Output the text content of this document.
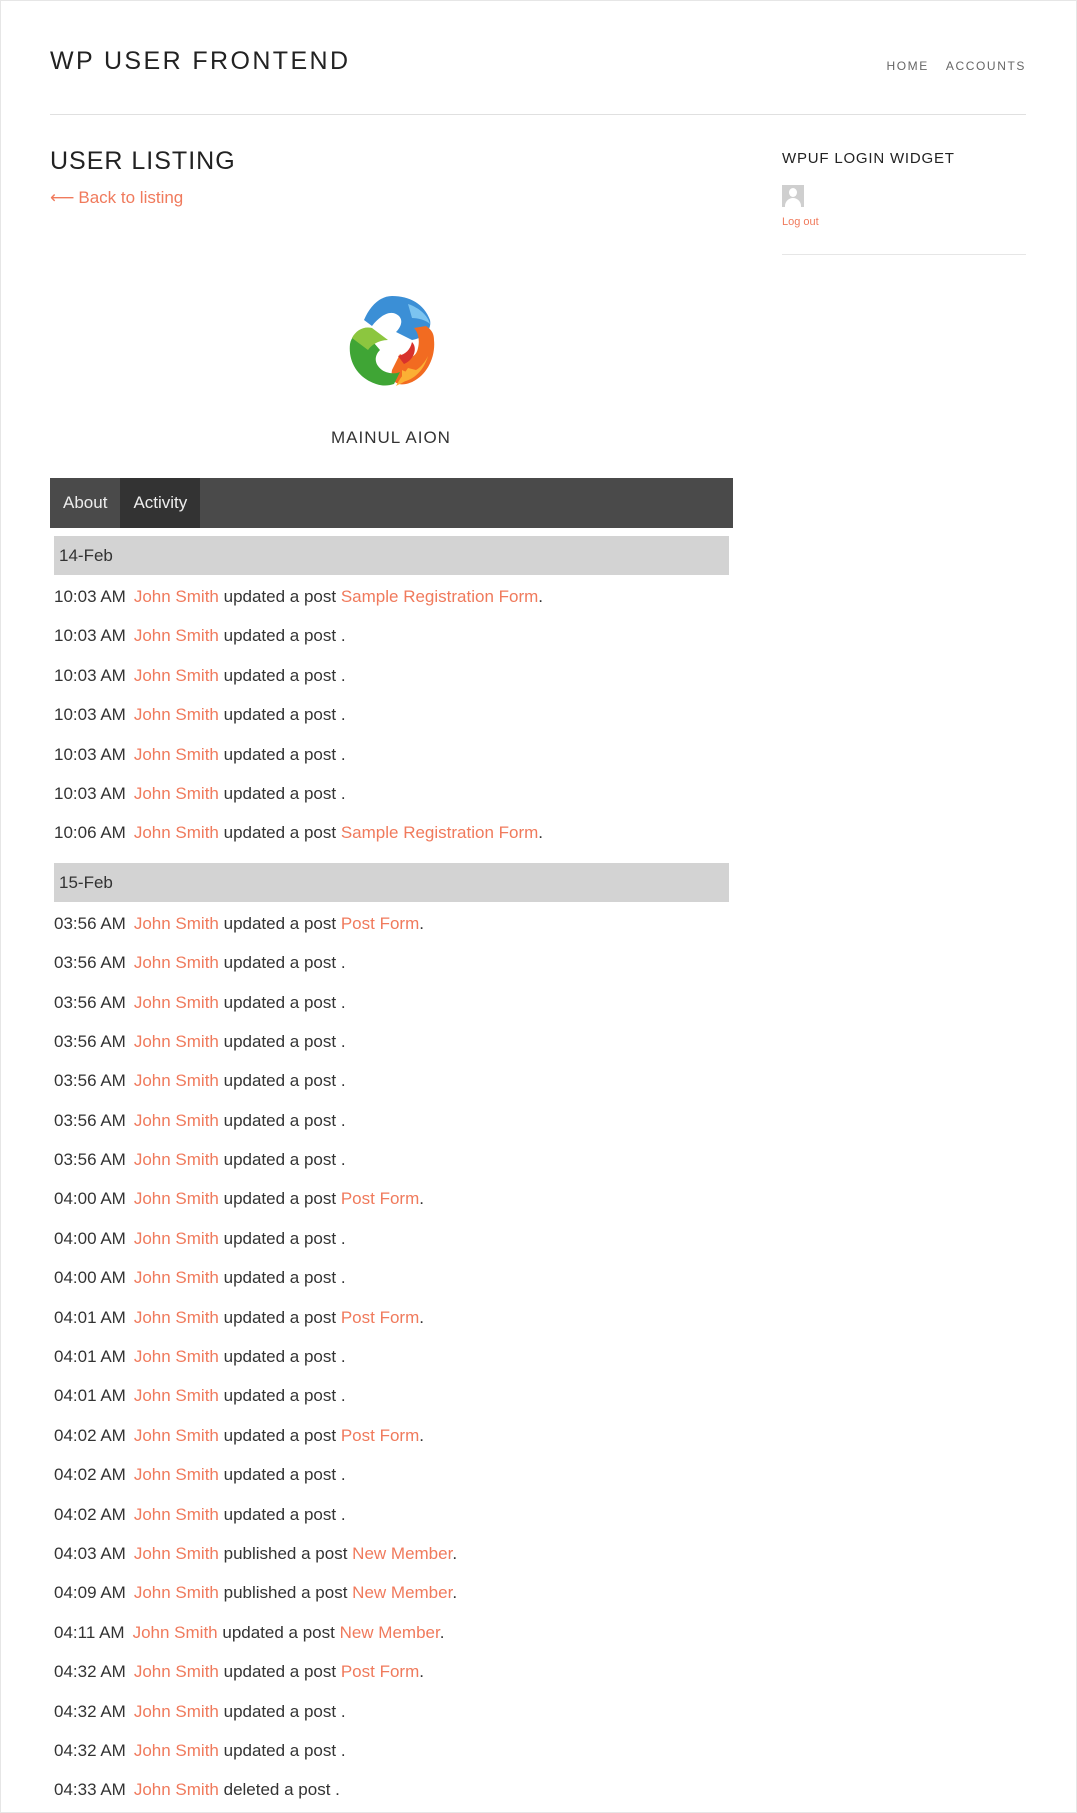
WP USER FRONTEND	HOME ACCOUNTS
USER LISTING
⟵ Back to listing
MAINUL AION
About	Activity
14-Feb
10:03 AM John Smith updated a post Sample Registration Form.
10:03 AM John Smith updated a post .
10:03 AM John Smith updated a post .
10:03 AM John Smith updated a post .
10:03 AM John Smith updated a post .
10:03 AM John Smith updated a post .
10:06 AM John Smith updated a post Sample Registration Form.
15-Feb
03:56 AM John Smith updated a post Post Form.
03:56 AM John Smith updated a post .
03:56 AM John Smith updated a post .
03:56 AM John Smith updated a post .
03:56 AM John Smith updated a post .
03:56 AM John Smith updated a post .
03:56 AM John Smith updated a post .
04:00 AM John Smith updated a post Post Form.
04:00 AM John Smith updated a post .
04:00 AM John Smith updated a post .
04:01 AM John Smith updated a post Post Form.
04:01 AM John Smith updated a post .
04:01 AM John Smith updated a post .
04:02 AM John Smith updated a post Post Form.
04:02 AM John Smith updated a post .
04:02 AM John Smith updated a post .
04:03 AM John Smith published a post New Member.
04:09 AM John Smith published a post New Member.
04:11 AM John Smith updated a post New Member.
04:32 AM John Smith updated a post Post Form.
04:32 AM John Smith updated a post .
04:32 AM John Smith updated a post .
04:33 AM John Smith deleted a post .
WPUF LOGIN WIDGET
Log out
